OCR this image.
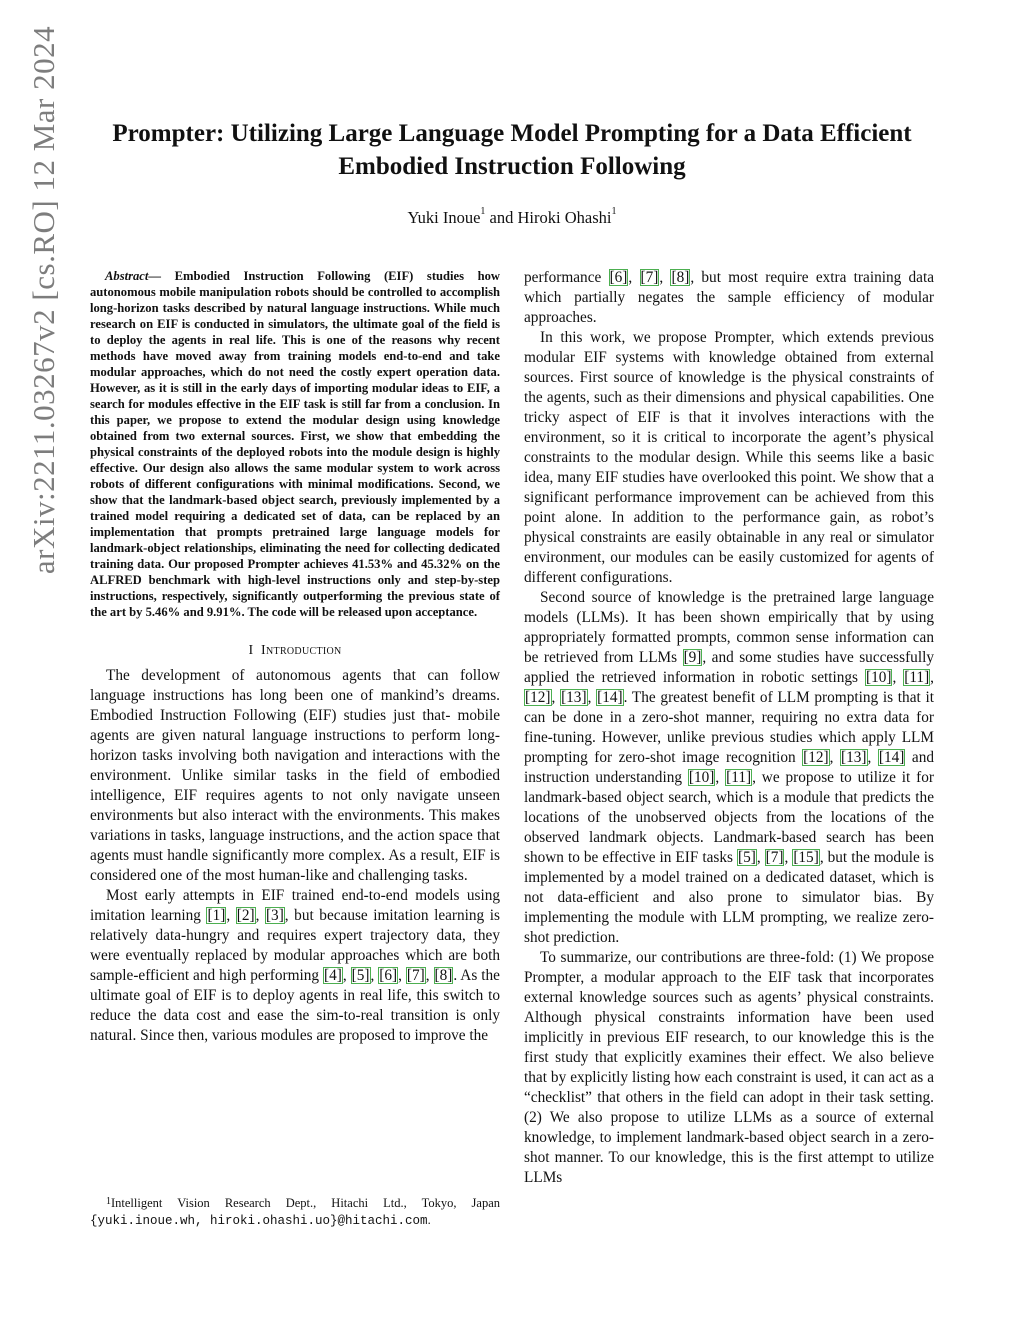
arXiv:2211.03267v2 [cs.RO] 12 Mar 2024 Prompter: Utilizing Large Language Model Prompting for a Data Efficient Embodied Instruction Following
Yuki Inoue$^1$ and Hiroki Ohashi$^1$

Abstract— Embodied Instruction Following (EIF) studies how autonomous mobile manipulation robots should be controlled to accomplish long-horizon tasks described by natural language instructions. While much research on EIF is conducted in simulators, the ultimate goal of the field is to deploy the agents in real life. This is one of the reasons why recent methods have moved away from training models end-to-end and take modular approaches, which do not need the costly expert operation data. However, as it is still in the early days of importing modular ideas to EIF, a search for modules effective in the EIF task is still far from a conclusion. In this paper, we propose to extend the modular design using knowledge obtained from two external sources. First, we show that embedding the physical constraints of the deployed robots into the module design is highly effective. Our design also allows the same modular system to work across robots of different configurations with minimal modifications. Second, we show that the landmark-based object search, previously implemented by a trained model requiring a dedicated set of data, can be replaced by an implementation that prompts pretrained large language models for landmark-object relationships, eliminating the need for collecting dedicated training data. Our proposed Prompter achieves 41.53% and 45.32% on the ALFRED benchmark with high-level instructions only and step-by-step instructions, respectively, significantly outperforming the previous state of the art by 5.46% and 9.91%. The code will be released upon acceptance.

I Introduction

The development of autonomous agents that can follow language instructions has long been one of mankind’s dreams. Embodied Instruction Following (EIF) studies just that- mobile agents are given natural language instructions to perform long-horizon tasks involving both navigation and interactions with the environment. Unlike similar tasks in the field of embodied intelligence, EIF requires agents to not only navigate unseen environments but also interact with the environments. This makes variations in tasks, language instructions, and the action space that agents must handle significantly more complex. As a result, EIF is considered one of the most human-like and challenging tasks.

Most early attempts in EIF trained end-to-end models using imitation learning [1], [2], [3], but because imitation learning is relatively data-hungry and requires expert trajectory data, they were eventually replaced by modular approaches which are both sample-efficient and high performing [4], [5], [6], [7], [8]. As the ultimate goal of EIF is to deploy agents in real life, this switch to reduce the data cost and ease the sim-to-real transition is only natural. Since then, various modules are proposed to improve the

$^1$Intelligent Vision Research Dept., Hitachi Ltd., Tokyo, Japan {yuki.inoue.wh, hiroki.ohashi.uo}@hitachi.com.

performance [6], [7], [8], but most require extra training data which partially negates the sample efficiency of modular approaches.

In this work, we propose Prompter, which extends previous modular EIF systems with knowledge obtained from external sources. First source of knowledge is the physical constraints of the agents, such as their dimensions and physical capabilities. One tricky aspect of EIF is that it involves interactions with the environment, so it is critical to incorporate the agent’s physical constraints to the modular design. While this seems like a basic idea, many EIF studies have overlooked this point. We show that a significant performance improvement can be achieved from this point alone. In addition to the performance gain, as robot’s physical constraints are easily obtainable in any real or simulator environment, our modules can be easily customized for agents of different configurations.

Second source of knowledge is the pretrained large language models (LLMs). It has been shown empirically that by using appropriately formatted prompts, common sense information can be retrieved from LLMs [9], and some studies have successfully applied the retrieved information in robotic settings [10], [11], [12], [13], [14]. The greatest benefit of LLM prompting is that it can be done in a zero-shot manner, requiring no extra data for fine-tuning. However, unlike previous studies which apply LLM prompting for zero-shot image recognition [12], [13], [14] and instruction understanding [10], [11], we propose to utilize it for landmark-based object search, which is a module that predicts the locations of the unobserved objects from the locations of the observed landmark objects. Landmark-based search has been shown to be effective in EIF tasks [5], [7], [15], but the module is implemented by a model trained on a dedicated dataset, which is not data-efficient and also prone to simulator bias. By implementing the module with LLM prompting, we realize zero-shot prediction.

To summarize, our contributions are three-fold: (1) We propose Prompter, a modular approach to the EIF task that incorporates external knowledge sources such as agents’ physical constraints. Although physical constraints information have been used implicitly in previous EIF research, to our knowledge this is the first study that explicitly examines their effect. We also believe that by explicitly listing how each constraint is used, it can act as a “checklist” that others in the field can adopt in their task setting. (2) We also propose to utilize LLMs as a source of external knowledge, to implement landmark-based object search in a zero-shot manner. To our knowledge, this is the first attempt to utilize LLMs
